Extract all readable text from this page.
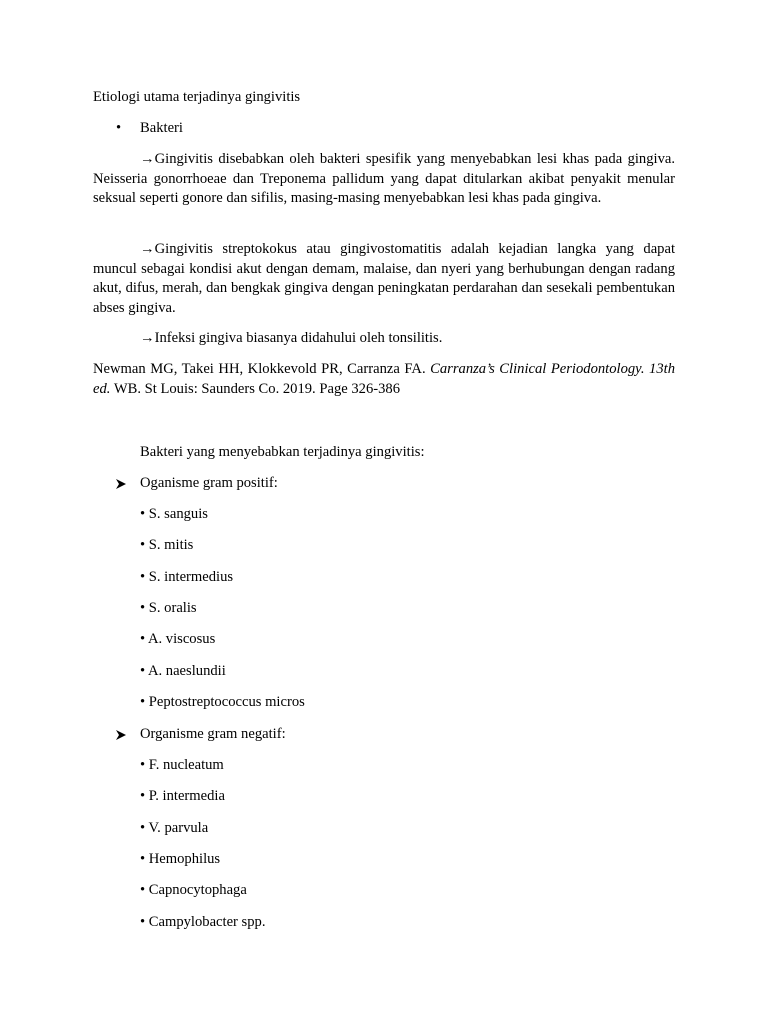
Etiologi utama terjadinya gingivitis
• Bakteri
→Gingivitis disebabkan oleh bakteri spesifik yang menyebabkan lesi khas pada gingiva. Neisseria gonorrhoeae dan Treponema pallidum yang dapat ditularkan akibat penyakit menular seksual seperti gonore dan sifilis, masing-masing menyebabkan lesi khas pada gingiva.
→Gingivitis streptokokus atau gingivostomatitis adalah kejadian langka yang dapat muncul sebagai kondisi akut dengan demam, malaise, dan nyeri yang berhubungan dengan radang akut, difus, merah, dan bengkak gingiva dengan peningkatan perdarahan dan sesekali pembentukan abses gingiva.
→Infeksi gingiva biasanya didahului oleh tonsilitis.
Newman MG, Takei HH, Klokkevold PR, Carranza FA. Carranza’s Clinical Periodontology. 13th ed. WB. St Louis: Saunders Co. 2019. Page 326-386
Bakteri yang menyebabkan terjadinya gingivitis:
Oganisme gram positif:
• S. sanguis
• S. mitis
• S. intermedius
• S. oralis
• A. viscosus
• A. naeslundii
• Peptostreptococcus micros
Organisme gram negatif:
• F. nucleatum
• P. intermedia
• V. parvula
• Hemophilus
• Capnocytophaga
• Campylobacter spp.
